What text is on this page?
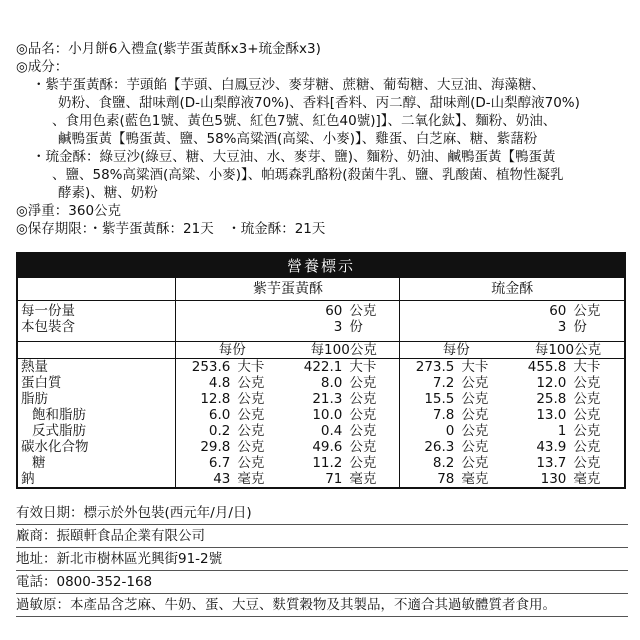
◎品名：小月餅6入禮盒(紫芋蛋黃酥x3+琉金酥x3)
◎成分：
・紫芋蛋黃酥：芋頭餡【芋頭、白鳳豆沙、麥芽糖、蔗糖、葡萄糖、大豆油、海藻糖、
奶粉、食鹽、甜味劑(D-山梨醇液70%)、香料[香料、丙二醇、甜味劑(D-山梨醇液70%)
、食用色素(藍色1號、黃色5號、紅色7號、紅色40號)]】、二氧化鈦】、麵粉、奶油、
鹹鴨蛋黃【鴨蛋黃、鹽、58%高粱酒(高粱、小麥)】、雞蛋、白芝麻、糖、紫藷粉
・琉金酥：綠豆沙(綠豆、糖、大豆油、水、麥芽、鹽)、麵粉、奶油、鹹鴨蛋黃【鴨蛋黃
、鹽、58%高粱酒(高粱、小麥)】、帕瑪森乳酪粉(殺菌牛乳、鹽、乳酸菌、植物性凝乳
酵素)、糖、奶粉
◎淨重：360公克
◎保存期限：・紫芋蛋黃酥：21天　・琉金酥：21天
營養標示
	紫芋蛋黃酥				琉金酥			
每一份量			60	公克			60	公克
本包裝含			3	份			3	份

	每份		每100公克		每份		每100公克	
熱量	253.6	大卡	422.1	大卡	273.5	大卡	455.8	大卡
蛋白質	4.8	公克	8.0	公克	7.2	公克	12.0	公克
脂肪	12.8	公克	21.3	公克	15.5	公克	25.8	公克
飽和脂肪	6.0	公克	10.0	公克	7.8	公克	13.0	公克
反式脂肪	0.2	公克	0.4	公克	0	公克	1	公克
碳水化合物	29.8	公克	49.6	公克	26.3	公克	43.9	公克
糖	6.7	公克	11.2	公克	8.2	公克	13.7	公克
鈉	43	毫克	71	毫克	78	毫克	130	毫克
有效日期：標示於外包裝(西元年/月/日)
廠商：振頤軒食品企業有限公司
地址：新北市樹林區光興街91-2號
電話：0800-352-168
過敏原：本產品含芝麻、牛奶、蛋、大豆、麩質穀物及其製品，不適合其過敏體質者食用。
